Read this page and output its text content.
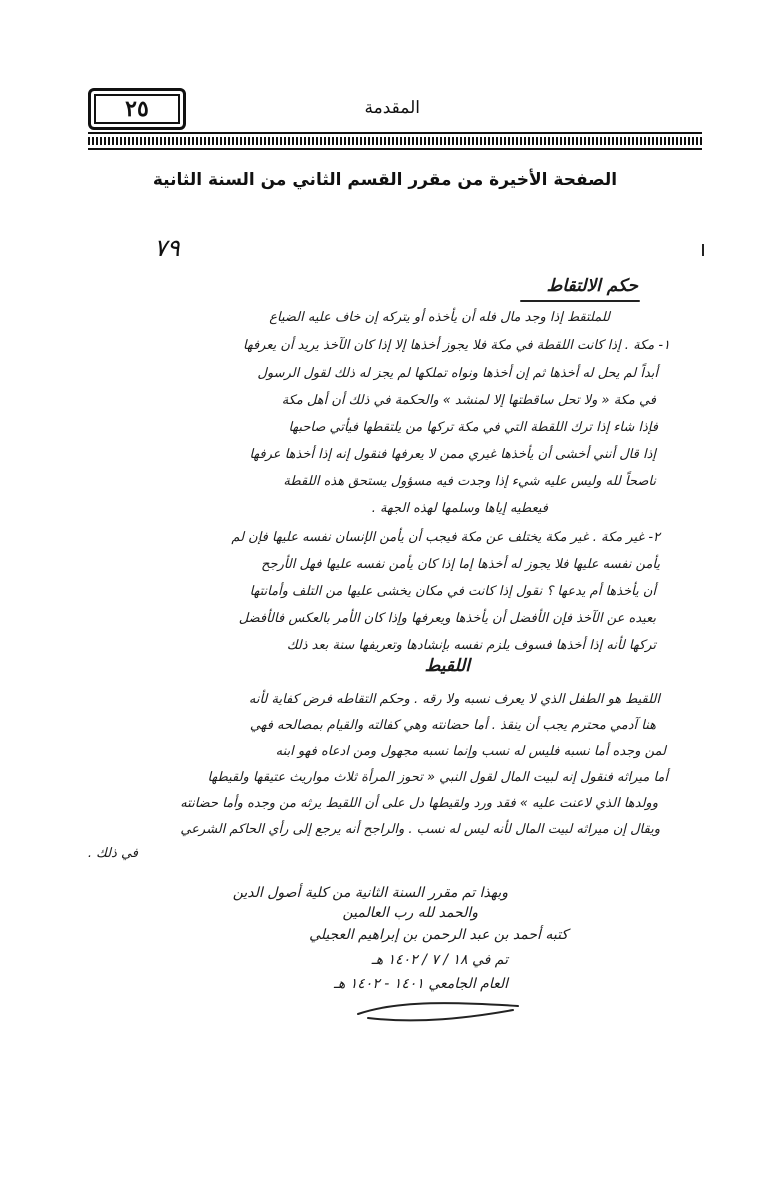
٢٥	المقدمة
الصفحة الأخيرة من مقرر القسم الثاني من السنة الثانية
٧٩
حكم الالتقاط
للملتقط إذا وجد مال فله أن يأخذه أو يتركه إن خاف عليه الضياع
١- مكة . إذا كانت اللقطة في مكة فلا يجوز أخذها إلا إذا كان الآخذ يريد أن يعرفها
أبداً لم يحل له أخذها ثم إن أخذها ونواه تملكها لم يجز له ذلك لقول الرسول
في مكة « ولا تحل ساقطتها إلا لمنشد » والحكمة في ذلك أن أهل مكة
فإذا شاء إذا ترك اللقطة التي في مكة تركها من يلتقطها فيأتي صاحبها
إذا قال أنني أخشى أن يأخذها غيري ممن لا يعرفها فنقول إنه إذا أخذها عرفها
ناصحاً لله وليس عليه شيء إذا وجدت فيه مسؤول يستحق هذه اللقطة
فيعطيه إياها وسلمها لهذه الجهة .
٢- غير مكة . غير مكة يختلف عن مكة فيجب أن يأمن الإنسان نفسه عليها فإن لم
يأمن نفسه عليها فلا يجوز له أخذها إما إذا كان يأمن نفسه عليها فهل الأرجح
أن يأخذها أم يدعها ؟ نقول إذا كانت في مكان يخشى عليها من التلف وأمانتها
بعيده عن الآخذ فإن الأفضل أن يأخذها ويعرفها وإذا كان الأمر بالعكس فالأفضل
تركها لأنه إذا أخذها فسوف يلزم نفسه بإنشادها وتعريفها سنة بعد ذلك
اللقيط
اللقيط هو الطفل الذي لا يعرف نسبه ولا رقه . وحكم التقاطه فرض كفاية لأنه
هنا آدمي محترم يجب أن ينقذ . أما حضانته وهي كفالته والقيام بمصالحه فهي
لمن وجده أما نسبه فليس له نسب وإنما نسبه مجهول ومن ادعاه فهو ابنه
أما ميراثه فنقول إنه لبيت المال لقول النبي « تحوز المرأة ثلاث مواريث عتيقها ولقيطها
وولدها الذي لاعنت عليه » فقد ورد ولقيطها دل على أن اللقيط يرثه من وجده وأما حضانته
ويقال إن ميراثه لبيت المال لأنه ليس له نسب . والراجح أنه يرجع إلى رأي الحاكم الشرعي
في ذلك .
وبهذا تم مقرر السنة الثانية من كلية أصول الدين
والحمد لله رب العالمين
كتبه أحمد بن عبد الرحمن بن إبراهيم العجيلي
تم في ١٨ / ٧ / ١٤٠٢ هـ
العام الجامعي ١٤٠١ - ١٤٠٢ هـ
